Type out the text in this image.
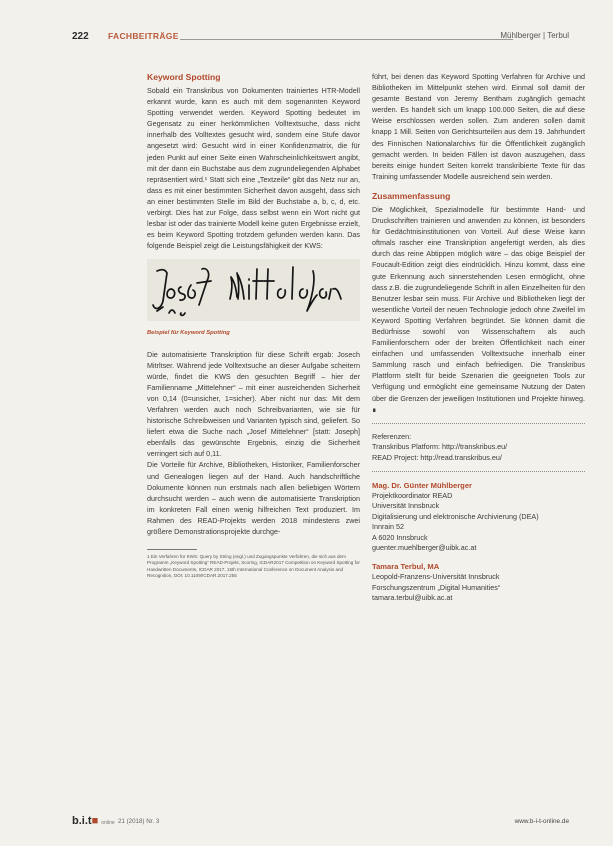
222 FACHBEITRÄGE	Mühlberger | Terbul
Keyword Spotting

Sobald ein Transkribus von Dokumenten trainiertes HTR-Modell erkannt wurde, kann es auch mit dem sogenannten Keyword Spotting verwendet werden. Keyword Spotting bedeutet im Gegensatz zu einer herkömmlichen Volltextsuche, dass nicht innerhalb des Volltextes gesucht wird, sondern eine Stufe davor angesetzt wird: Gesucht wird in einer Konfidenzmatrix, die für jeden Punkt auf einer Seite einen Wahrscheinlichkeitswert angibt, mit der dann ein Buchstabe aus dem zugrundeliegenden Alphabet repräsentiert wird.¹ Statt sich eine „Textzeile“ gibt das Netz nur an, dass es mit einer bestimmten Sicherheit davon ausgeht, dass sich an einer bestimmten Stelle im Bild der Buchstabe a, b, c, d, etc. verbirgt. Dies hat zur Folge, dass selbst wenn ein Wort nicht gut lesbar ist oder das trainierte Modell keine guten Ergebnisse erzielt, es beim Keyword Spotting trotzdem gefunden werden kann. Das folgende Beispiel zeigt die Leistungsfähigkeit der KWS:

Beispiel für Keyword Spotting

Die automatisierte Transkription für diese Schrift ergab: Josech Mitrltser. Während jede Volltextsuche an dieser Aufgabe scheitern würde, findet die KWS den gesuchten Begriff – hier der Familienname „Mittelehner“ – mit einer ausreichenden Sicherheit von 0,14 (0=unsicher, 1=sicher). Aber nicht nur das: Mit dem Verfahren werden auch noch Schreibvarianten, wie sie für historische Schreibweisen und Varianten typisch sind, geliefert. So liefert etwa die Suche nach „Josef Mittelehner“ [statt: Joseph] ebenfalls das gewünschte Ergebnis, einzig die Sicherheit verringert sich auf 0,11.

Die Vorteile für Archive, Bibliotheken, Historiker, Familienforscher und Genealogen liegen auf der Hand. Auch handschriftliche Dokumente können nun erstmals nach allen beliebigen Wörtern durchsucht werden – auch wenn die automatisierte Transkription im konkreten Fall einen wenig hilfreichen Text produziert. Im Rahmen des READ-Projekts werden 2018 mindestens zwei größere Demonstrationsprojekte durchge-

1 Ein Verfahren für KWS: Query by String (engl.) und Zugangspunkte Verfahren, die sich aus dem Programm „Keyword Spotting“ READ-Projekt, Scoring, ICDAR2017 Competition on Keyword Spotting for Handwritten Documents, ICDAR 2017, 15th International Conference on Document Analysis and Recognition, DOI: 10.1109/ICDAR.2017.255

führt, bei denen das Keyword Spotting Verfahren für Archive und Bibliotheken im Mittelpunkt stehen wird. Einmal soll damit der gesamte Bestand von Jeremy Bentham zugänglich gemacht werden. Es handelt sich um knapp 100.000 Seiten, die auf diese Weise erschlossen werden sollen. Zum anderen sollen damit knapp 1 Mill. Seiten von Gerichtsurteilen aus dem 19. Jahrhundert des Finnischen Nationalarchivs für die Öffentlichkeit zugänglich gemacht werden. In beiden Fällen ist davon auszugehen, dass bereits einige hundert Seiten korrekt transkribierte Texte für das Training umfassender Modelle ausreichend sein werden.

Zusammenfassung

Die Möglichkeit, Spezialmodelle für bestimmte Hand- und Druckschriften trainieren und anwenden zu können, ist besonders für Gedächtnisinstitutionen von Vorteil. Auf diese Weise kann oftmals rascher eine Transkription angefertigt werden, als dies durch das reine Abtippen möglich wäre – das obige Beispiel der Foucault-Edition zeigt dies eindrücklich. Hinzu kommt, dass eine gute Erkennung auch sinnerstehenden Lesen ermöglicht, ohne dass z.B. die zugrundeliegende Schrift in allen Einzelheiten für den Benutzer lesbar sein muss. Für Archive und Bibliotheken liegt der wesentliche Vorteil der neuen Technologie jedoch ohne Zweifel im Keyword Spotting Verfahren begründet. Sie können damit die Bedürfnisse sowohl von Wissenschaftern als auch Familienforschern oder der breiten Öffentlichkeit nach einer einfachen und umfassenden Volltextsuche innerhalb einer Sammlung rasch und einfach befriedigen. Die Transkribus Plattform stellt für beide Szenarien die geeigneten Tools zur Verfügung und ermöglicht eine gemeinsame Nutzung der Daten über die Grenzen der jeweiligen Institutionen und Projekte hinweg. ∎

Referenzen:

Transkribus Platform: http://transkribus.eu/

READ Project: http://read.transkribus.eu/

Mag. Dr. Günter Mühlberger

Projektkoordinator READ

Universität Innsbruck

Digitalisierung und elektronische Archivierung (DEA)

Innrain 52

A 6020 Innsbruck

guenter.muehlberger@uibk.ac.at

Tamara Terbul, MA

Leopold-Franzens-Universität Innsbruck

Forschungszentrum „Digital Humanities“

tamara.terbul@uibk.ac.at

b.i.t■ online 21 (2018) Nr. 3	www.b-i-t-online.de
